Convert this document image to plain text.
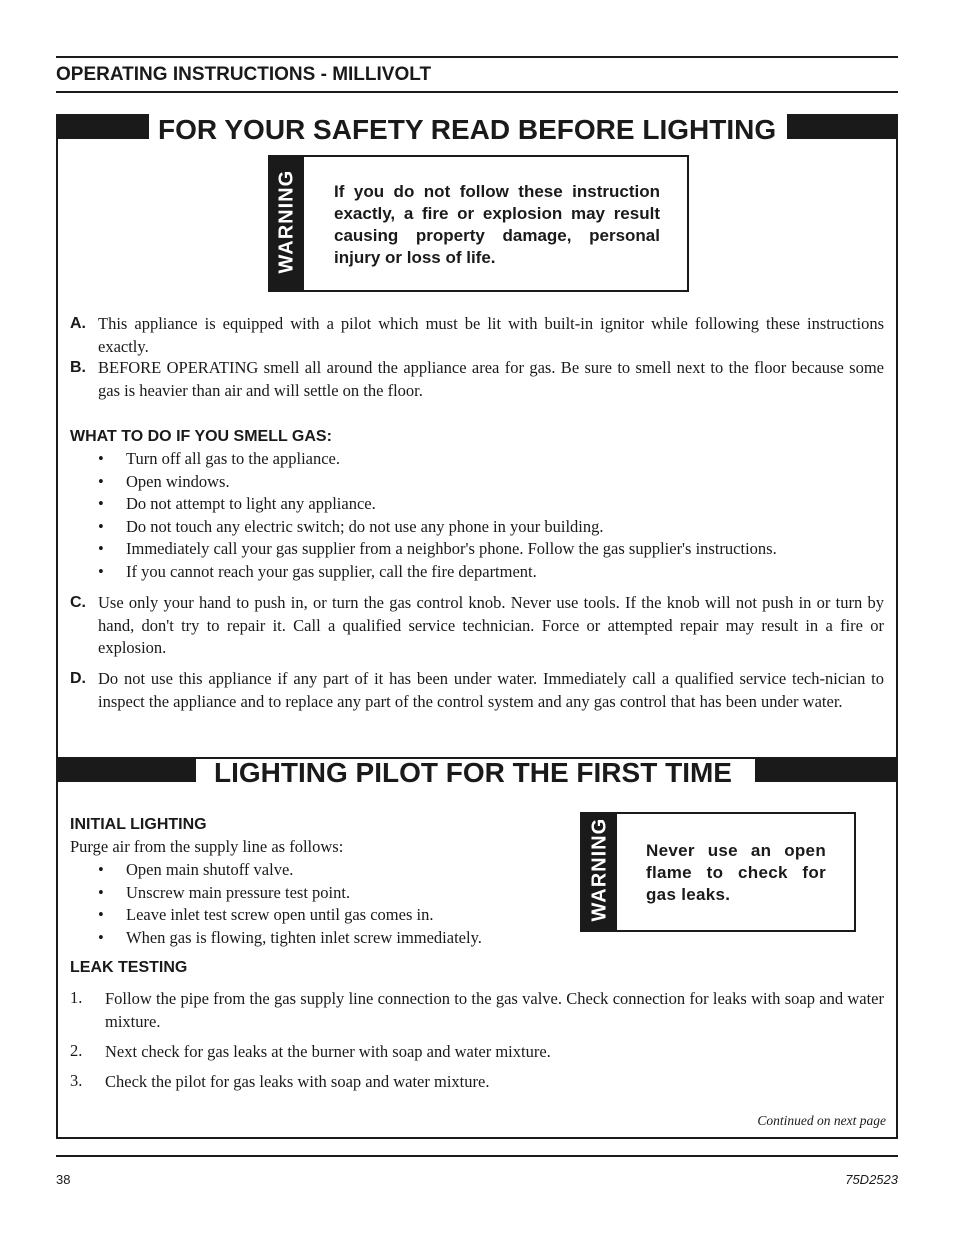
OPERATING INSTRUCTIONS - MILLIVOLT
FOR YOUR SAFETY READ BEFORE LIGHTING
WARNING If you do not follow these instruction exactly, a fire or explosion may result causing property damage, personal injury or loss of life.
A. This appliance is equipped with a pilot which must be lit with built-in ignitor while following these instructions exactly.
B. BEFORE OPERATING smell all around the appliance area for gas. Be sure to smell next to the floor because some gas is heavier than air and will settle on the floor.
WHAT TO DO IF YOU SMELL GAS:
• Turn off all gas to the appliance.
• Open windows.
• Do not attempt to light any appliance.
• Do not touch any electric switch; do not use any phone in your building.
• Immediately call your gas supplier from a neighbor's phone. Follow the gas supplier's instructions.
• If you cannot reach your gas supplier, call the fire department.
C. Use only your hand to push in, or turn the gas control knob. Never use tools. If the knob will not push in or turn by hand, don't try to repair it. Call a qualified service technician. Force or attempted repair may result in a fire or explosion.
D. Do not use this appliance if any part of it has been under water. Immediately call a qualified service tech-nician to inspect the appliance and to replace any part of the control system and any gas control that has been under water.
LIGHTING PILOT FOR THE FIRST TIME
INITIAL LIGHTING
Purge air from the supply line as follows:
• Open main shutoff valve.
• Unscrew main pressure test point.
• Leave inlet test screw open until gas comes in.
• When gas is flowing, tighten inlet screw immediately.
WARNING Never use an open flame to check for gas leaks.
LEAK TESTING
1. Follow the pipe from the gas supply line connection to the gas valve. Check connection for leaks with soap and water mixture.
2. Next check for gas leaks at the burner with soap and water mixture.
3. Check the pilot for gas leaks with soap and water mixture.
Continued on next page
38	75D2523
